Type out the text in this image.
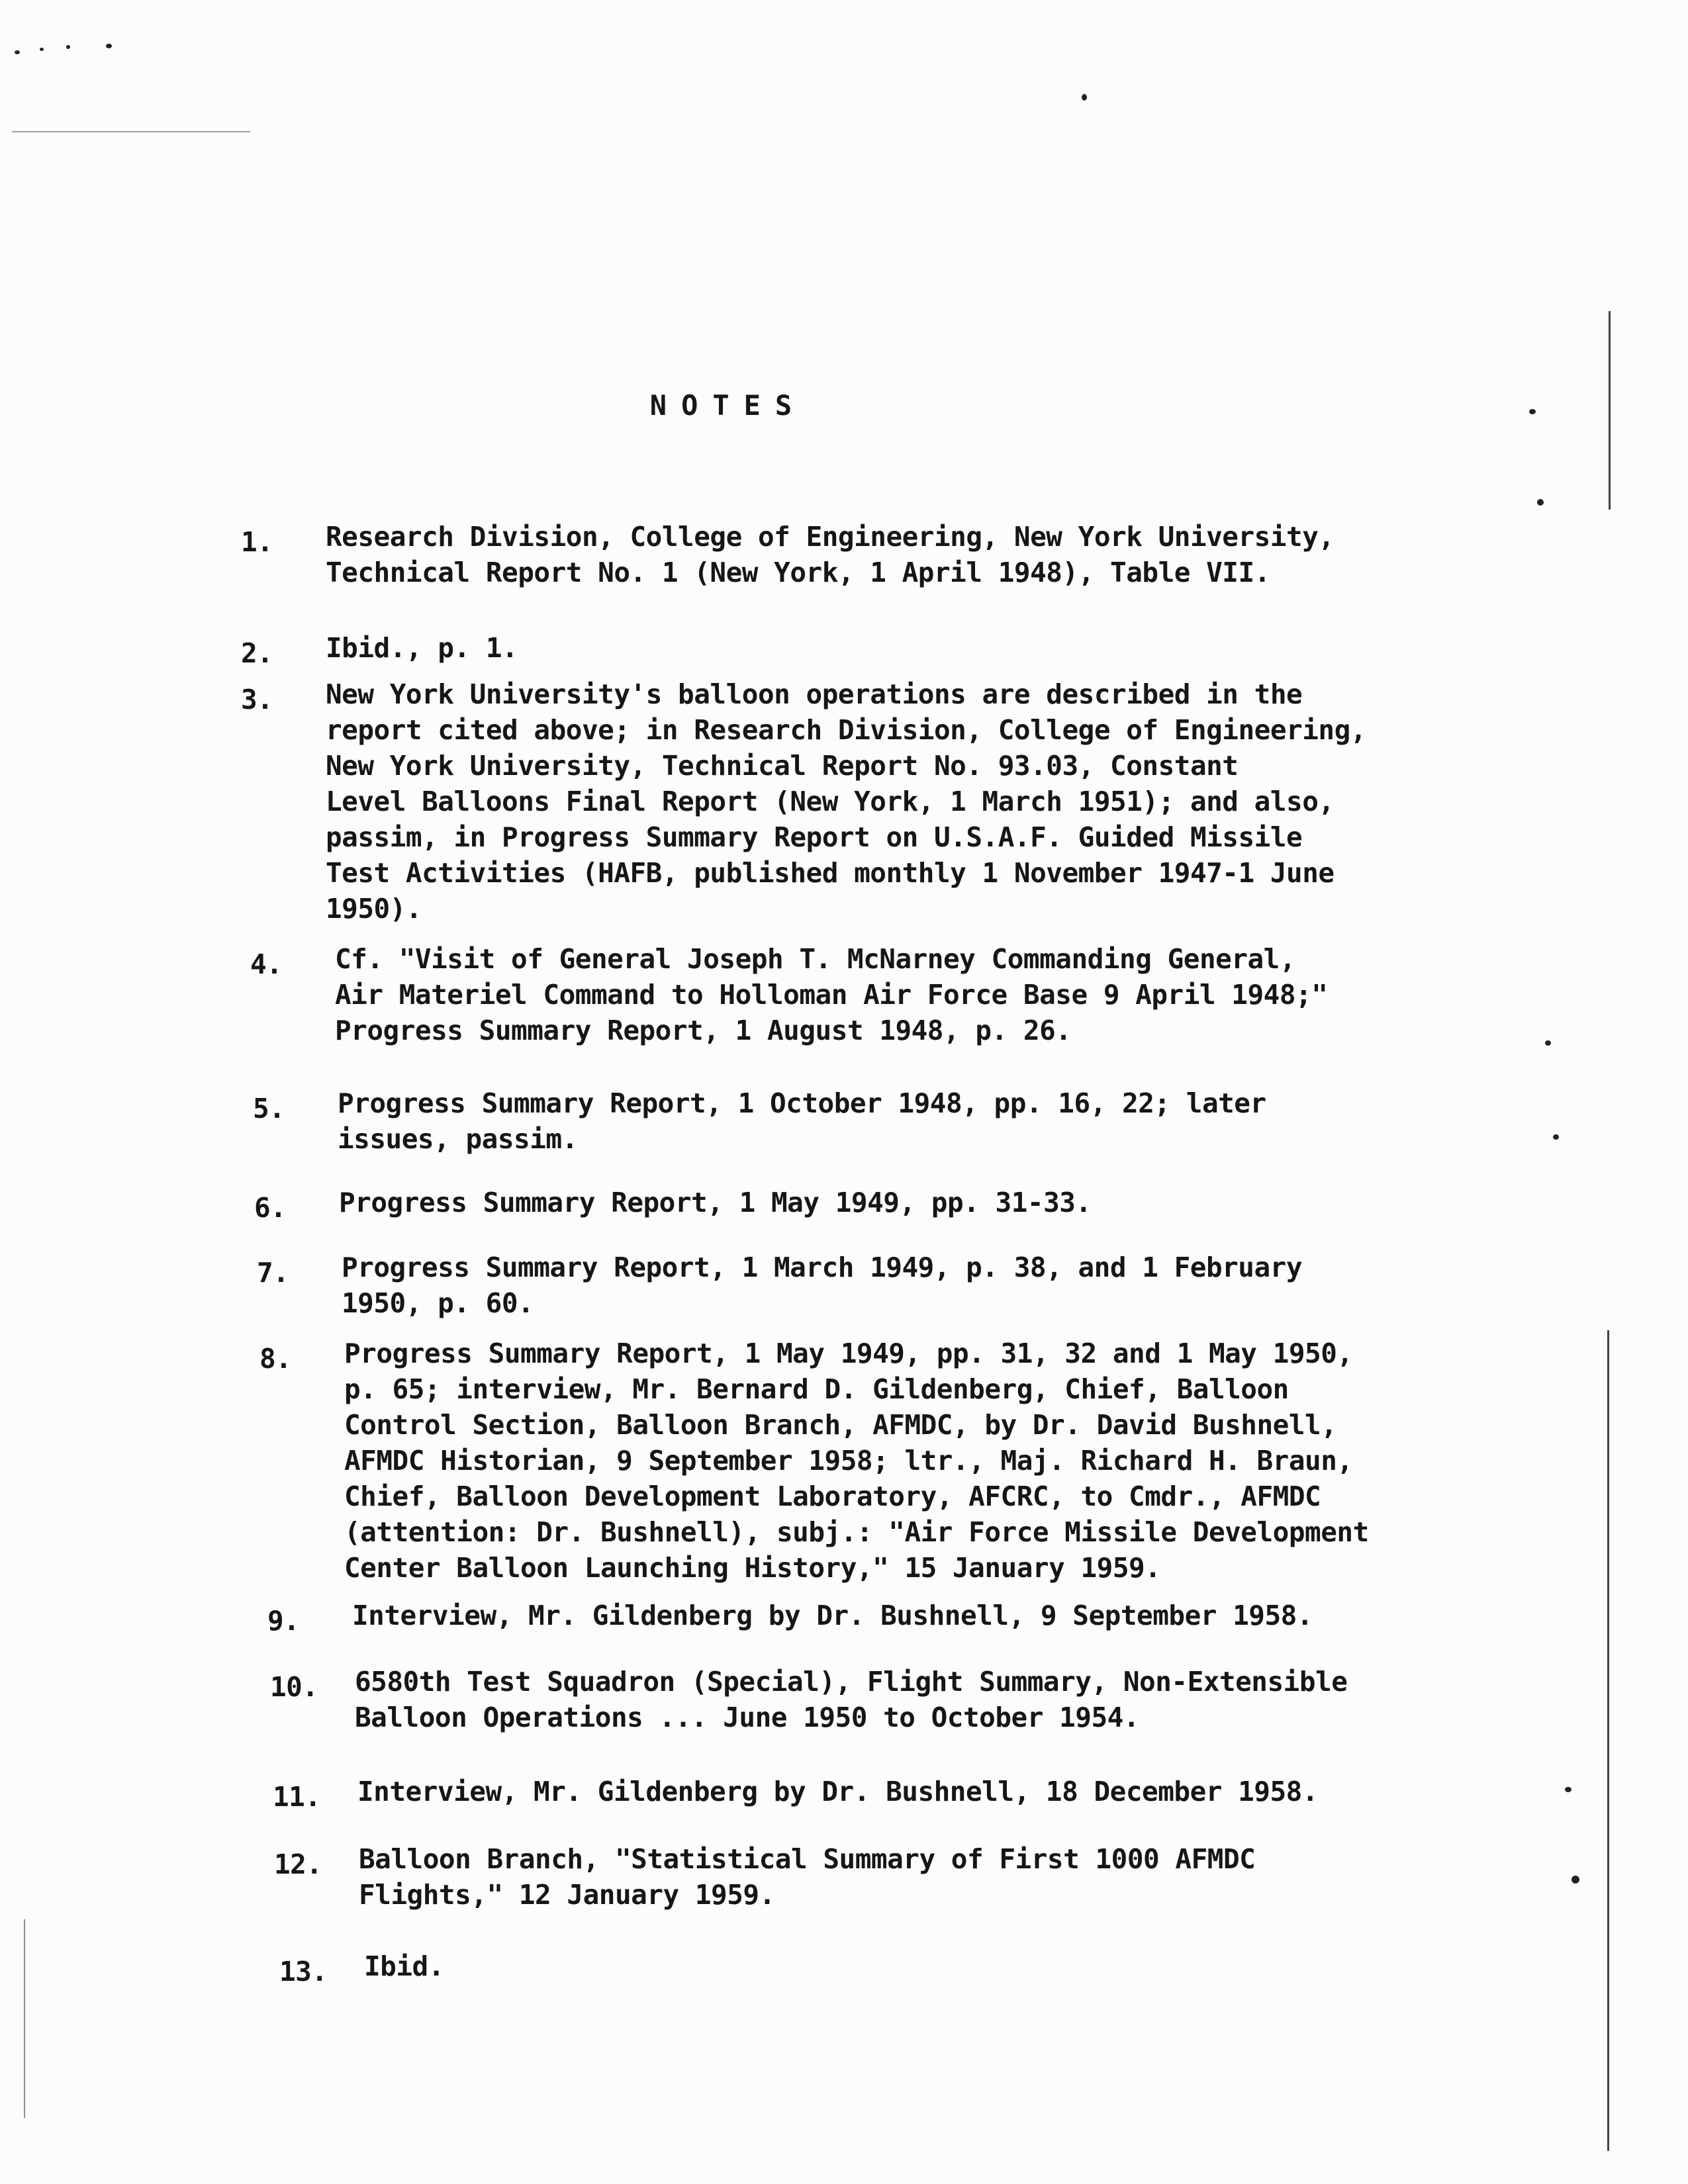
NOTES
1.	Research Division, College of Engineering, New York University,
Technical Report No. 1 (New York, 1 April 1948), Table VII.
2.	Ibid., p. 1.
3.	New York University's balloon operations are described in the
report cited above; in Research Division, College of Engineering,
New York University, Technical Report No. 93.03, Constant
Level Balloons Final Report (New York, 1 March 1951); and also,
passim, in Progress Summary Report on U.S.A.F. Guided Missile
Test Activities (HAFB, published monthly 1 November 1947-1 June
1950).
4.	Cf. "Visit of General Joseph T. McNarney Commanding General,
Air Materiel Command to Holloman Air Force Base 9 April 1948;"
Progress Summary Report, 1 August 1948, p. 26.
5.	Progress Summary Report, 1 October 1948, pp. 16, 22; later
issues, passim.
6.	Progress Summary Report, 1 May 1949, pp. 31-33.
7.	Progress Summary Report, 1 March 1949, p. 38, and 1 February
1950, p. 60.
8.	Progress Summary Report, 1 May 1949, pp. 31, 32 and 1 May 1950,
p. 65; interview, Mr. Bernard D. Gildenberg, Chief, Balloon
Control Section, Balloon Branch, AFMDC, by Dr. David Bushnell,
AFMDC Historian, 9 September 1958; ltr., Maj. Richard H. Braun,
Chief, Balloon Development Laboratory, AFCRC, to Cmdr., AFMDC
(attention: Dr. Bushnell), subj.: "Air Force Missile Development
Center Balloon Launching History," 15 January 1959.
9.	Interview, Mr. Gildenberg by Dr. Bushnell, 9 September 1958.
10.	6580th Test Squadron (Special), Flight Summary, Non-Extensible
Balloon Operations ... June 1950 to October 1954.
11.	Interview, Mr. Gildenberg by Dr. Bushnell, 18 December 1958.
12.	Balloon Branch, "Statistical Summary of First 1000 AFMDC
Flights," 12 January 1959.
13.	Ibid.
